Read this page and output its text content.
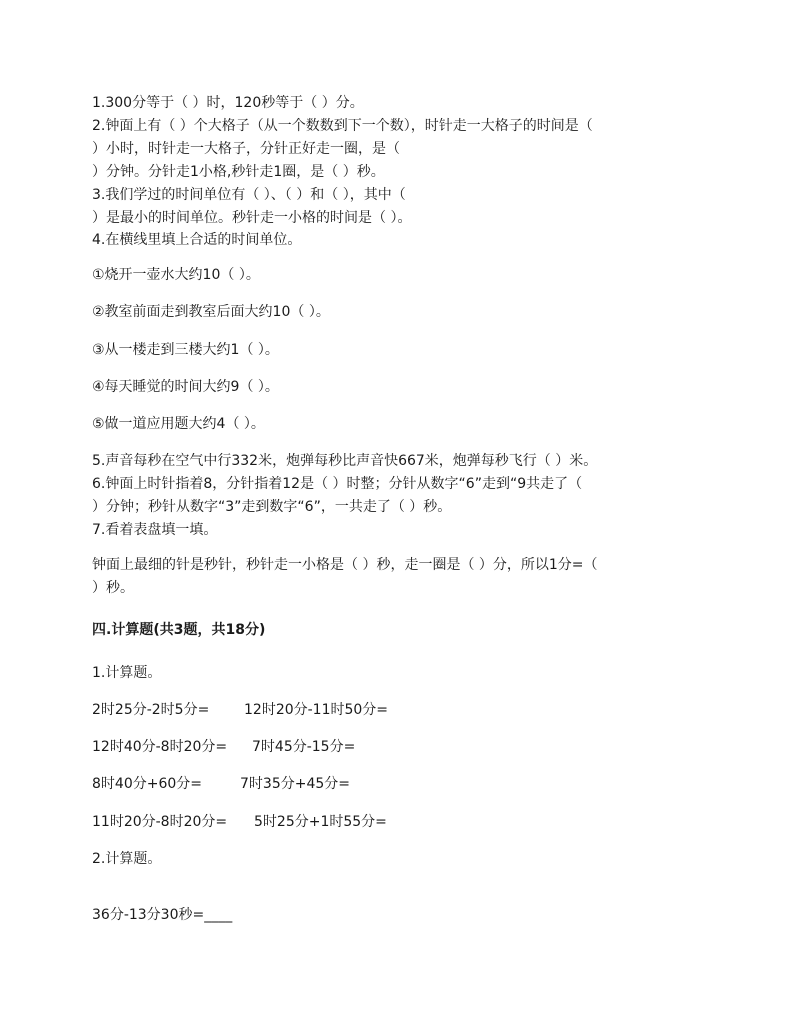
1.300分等于（ ）时，120秒等于（ ）分。
2.钟面上有（ ）个大格子（从一个数数到下一个数），时针走一大格子的时间是（
）小时，时针走一大格子，分针正好走一圈，是（
）分钟。分针走1小格,秒针走1圈，是（ ）秒。
3.我们学过的时间单位有（ ）、（ ）和（ ），其中（
）是最小的时间单位。秒针走一小格的时间是（ ）。
4.在横线里填上合适的时间单位。
①烧开一壶水大约10（ ）。
②教室前面走到教室后面大约10（ ）。
③从一楼走到三楼大约1（ ）。
④每天睡觉的时间大约9（ ）。
⑤做一道应用题大约4（ ）。
5.声音每秒在空气中行332米，炮弹每秒比声音快667米，炮弹每秒飞行（ ）米。
6.钟面上时针指着8，分针指着12是（ ）时整；分针从数字“6”走到“9共走了（
）分钟；秒针从数字“3”走到数字“6”，一共走了（ ）秒。
7.看着表盘填一填。
钟面上最细的针是秒针，秒针走一小格是（ ）秒，走一圈是（ ）分，所以1分=（
）秒。
四.计算题(共3题，共18分)
1.计算题。
2时25分-2时5分= 12时20分-11时50分=
12时40分-8时20分= 7时45分-15分=
8时40分+60分=	7时35分+45分=
11时20分-8时20分= 5时25分+1时55分=
2.计算题。
36分-13分30秒=____
